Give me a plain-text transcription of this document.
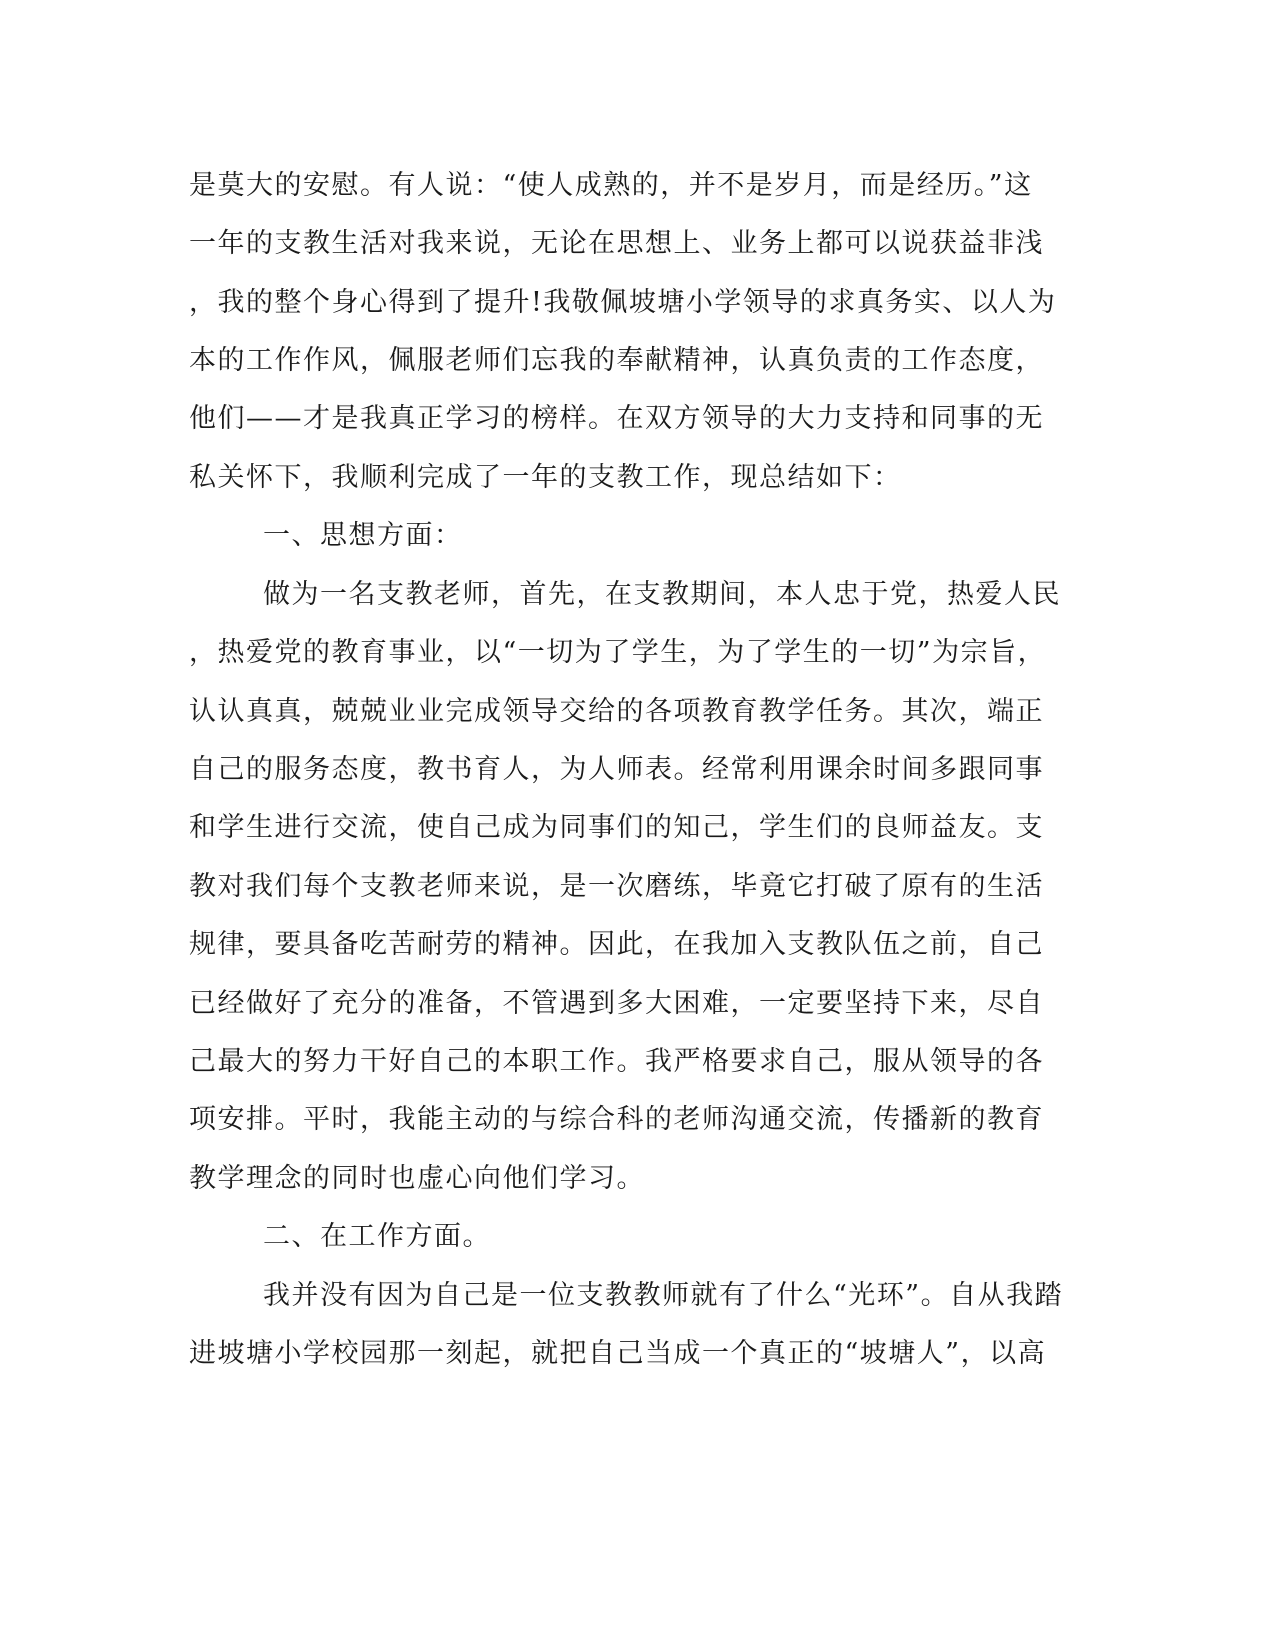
是莫大的安慰。有人说：“使人成熟的，并不是岁月，而是经历。”这
一年的支教生活对我来说，无论在思想上、业务上都可以说获益非浅
，我的整个身心得到了提升!我敬佩坡塘小学领导的求真务实、以人为
本的工作作风，佩服老师们忘我的奉献精神，认真负责的工作态度，
他们——才是我真正学习的榜样。在双方领导的大力支持和同事的无
私关怀下，我顺利完成了一年的支教工作，现总结如下：
一、思想方面：
做为一名支教老师，首先，在支教期间，本人忠于党，热爱人民
，热爱党的教育事业，以“一切为了学生，为了学生的一切”为宗旨，
认认真真，兢兢业业完成领导交给的各项教育教学任务。其次，端正
自己的服务态度，教书育人，为人师表。经常利用课余时间多跟同事
和学生进行交流，使自己成为同事们的知己，学生们的良师益友。支
教对我们每个支教老师来说，是一次磨练，毕竟它打破了原有的生活
规律，要具备吃苦耐劳的精神。因此，在我加入支教队伍之前，自己
已经做好了充分的准备，不管遇到多大困难，一定要坚持下来，尽自
己最大的努力干好自己的本职工作。我严格要求自己，服从领导的各
项安排。平时，我能主动的与综合科的老师沟通交流，传播新的教育
教学理念的同时也虚心向他们学习。
二、在工作方面。
我并没有因为自己是一位支教教师就有了什么“光环”。自从我踏
进坡塘小学校园那一刻起，就把自己当成一个真正的“坡塘人”，以高
